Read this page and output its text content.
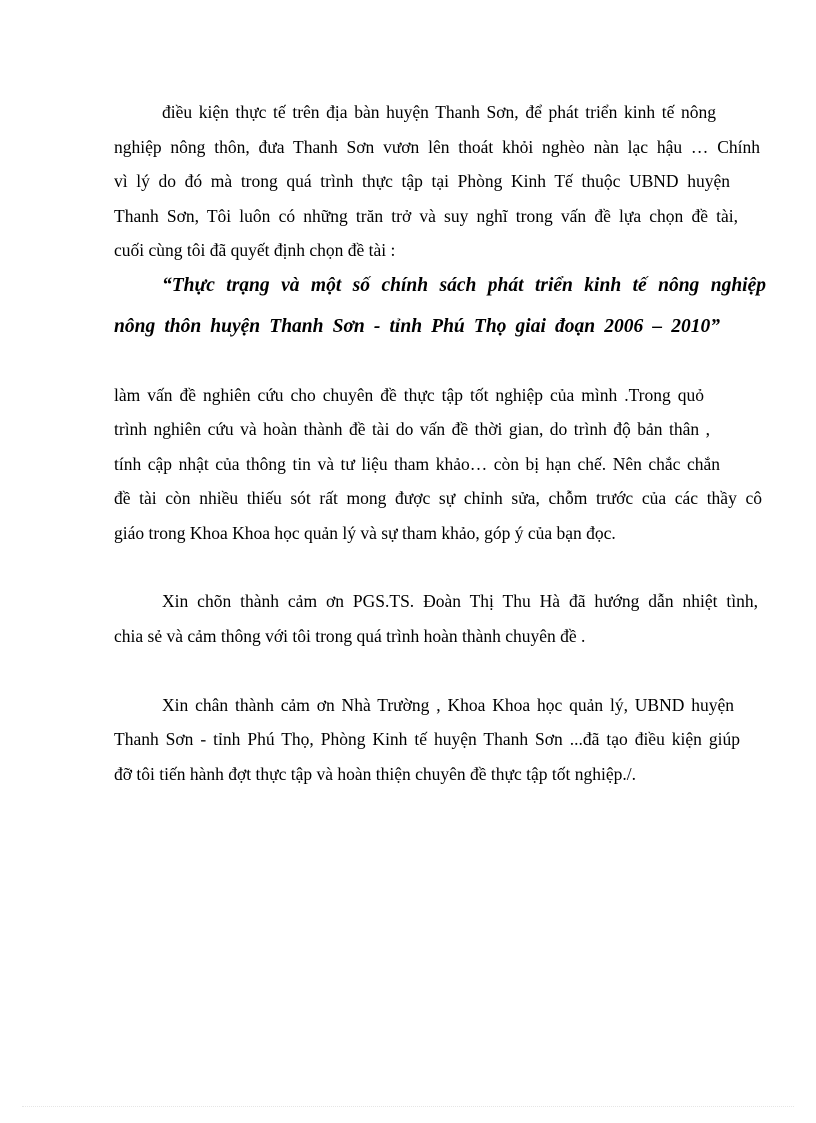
điều kiện thực tế trên địa bàn huyện Thanh Sơn, để phát triển kinh tế nông
nghiệp nông thôn, đưa Thanh Sơn vươn lên thoát khỏi nghèo nàn lạc hậu … Chính
vì lý do đó mà trong quá trình thực tập tại Phòng Kinh Tế thuộc UBND huyện
Thanh Sơn, Tôi luôn có những trăn trở và suy nghĩ trong vấn đề lựa chọn đề tài,
cuối cùng tôi đã quyết định chọn đề tài :
“Thực trạng và một số chính sách phát triển kinh tế nông nghiệp
nông thôn huyện Thanh Sơn - tỉnh Phú Thọ giai đoạn 2006 – 2010”
làm vấn đề nghiên cứu cho chuyên đề thực tập tốt nghiệp của mình .Trong quỏ
trình nghiên cứu và hoàn thành đề tài do vấn đề thời gian, do trình độ bản thân ,
tính cập nhật của thông tin và tư liệu tham khảo… còn bị hạn chế. Nên chắc chắn
đề tài còn nhiều thiếu sót rất mong được sự chỉnh sửa, chỗm trước của các thầy cô
giáo trong Khoa Khoa học quản lý và sự tham khảo, góp ý của bạn đọc.
Xin chõn thành cảm ơn PGS.TS. Đoàn Thị Thu Hà đã hướng dẫn nhiệt tình,
chia sẻ và cảm thông với tôi trong quá trình hoàn thành chuyên đề .
Xin chân thành cảm ơn Nhà Trường , Khoa Khoa học quản lý, UBND huyện
Thanh Sơn - tỉnh Phú Thọ, Phòng Kinh tế huyện Thanh Sơn ...đã tạo điều kiện giúp
đỡ tôi tiến hành đợt thực tập và hoàn thiện chuyên đề thực tập tốt nghiệp./.
